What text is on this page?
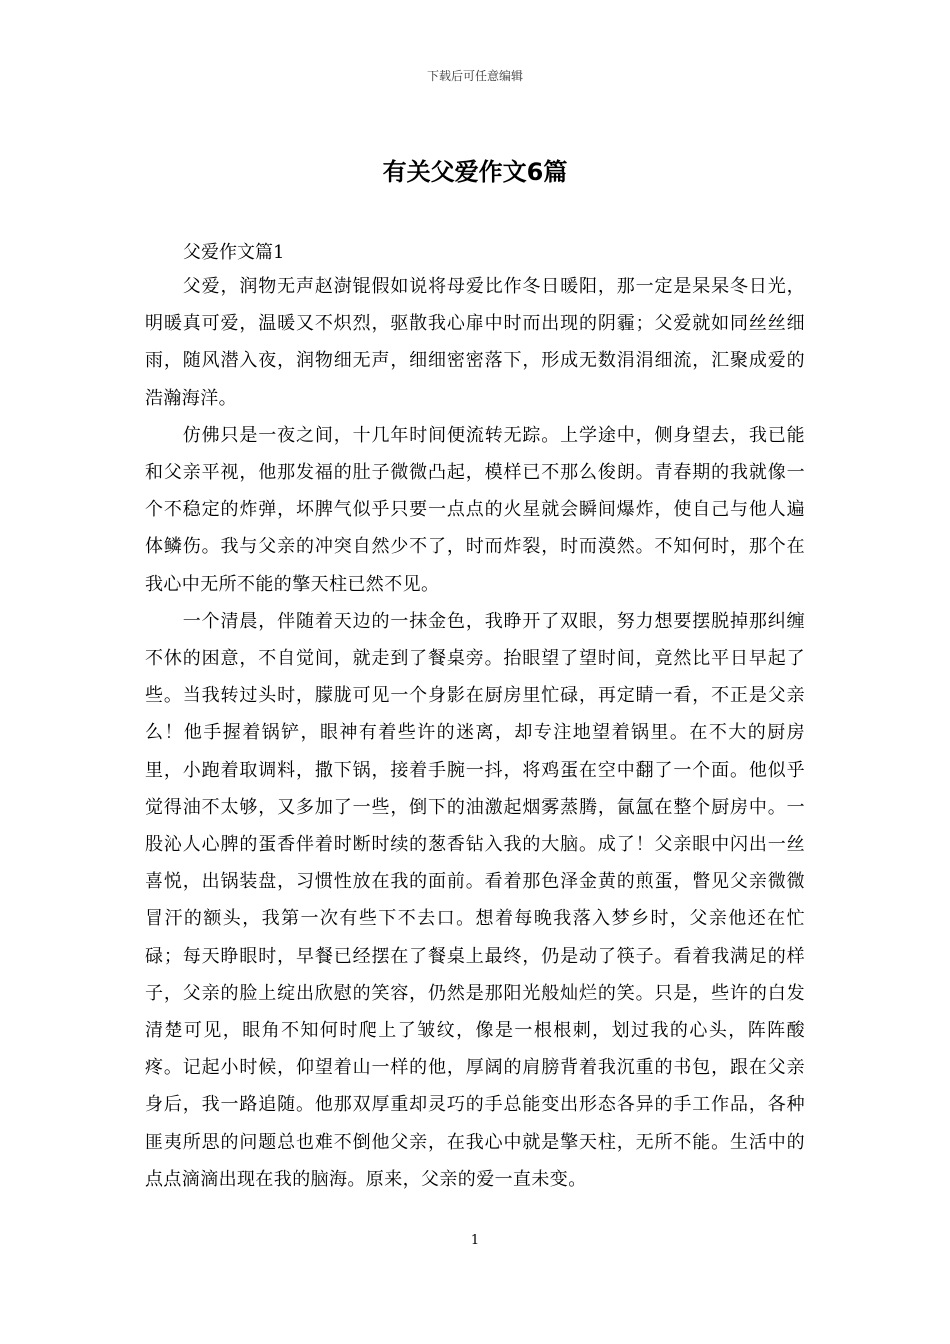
下载后可任意编辑
有关父爱作文6篇
父爱作文篇1

父爱，润物无声赵澍锟假如说将母爱比作冬日暖阳，那一定是杲杲冬日光，明暖真可爱，温暖又不炽烈，驱散我心扉中时而出现的阴霾；父爱就如同丝丝细雨，随风潜入夜，润物细无声，细细密密落下，形成无数涓涓细流，汇聚成爱的浩瀚海洋。

仿佛只是一夜之间，十几年时间便流转无踪。上学途中，侧身望去，我已能和父亲平视，他那发福的肚子微微凸起，模样已不那么俊朗。青春期的我就像一个不稳定的炸弹，坏脾气似乎只要一点点的火星就会瞬间爆炸，使自己与他人遍体鳞伤。我与父亲的冲突自然少不了，时而炸裂，时而漠然。不知何时，那个在我心中无所不能的擎天柱已然不见。

一个清晨，伴随着天边的一抹金色，我睁开了双眼，努力想要摆脱掉那纠缠不休的困意，不自觉间，就走到了餐桌旁。抬眼望了望时间，竟然比平日早起了些。当我转过头时，朦胧可见一个身影在厨房里忙碌，再定睛一看，不正是父亲么！他手握着锅铲，眼神有着些许的迷离，却专注地望着锅里。在不大的厨房里，小跑着取调料，撒下锅，接着手腕一抖，将鸡蛋在空中翻了一个面。他似乎觉得油不太够，又多加了一些，倒下的油激起烟雾蒸腾，氤氲在整个厨房中。一股沁人心脾的蛋香伴着时断时续的葱香钻入我的大脑。成了！父亲眼中闪出一丝喜悦，出锅装盘，习惯性放在我的面前。看着那色泽金黄的煎蛋，瞥见父亲微微冒汗的额头，我第一次有些下不去口。想着每晚我落入梦乡时，父亲他还在忙碌；每天睁眼时，早餐已经摆在了餐桌上最终，仍是动了筷子。看着我满足的样子，父亲的脸上绽出欣慰的笑容，仍然是那阳光般灿烂的笑。只是，些许的白发清楚可见，眼角不知何时爬上了皱纹，像是一根根刺，划过我的心头，阵阵酸疼。记起小时候，仰望着山一样的他，厚阔的肩膀背着我沉重的书包，跟在父亲身后，我一路追随。他那双厚重却灵巧的手总能变出形态各异的手工作品，各种匪夷所思的问题总也难不倒他父亲，在我心中就是擎天柱，无所不能。生活中的点点滴滴出现在我的脑海。原来，父亲的爱一直未变。

1
